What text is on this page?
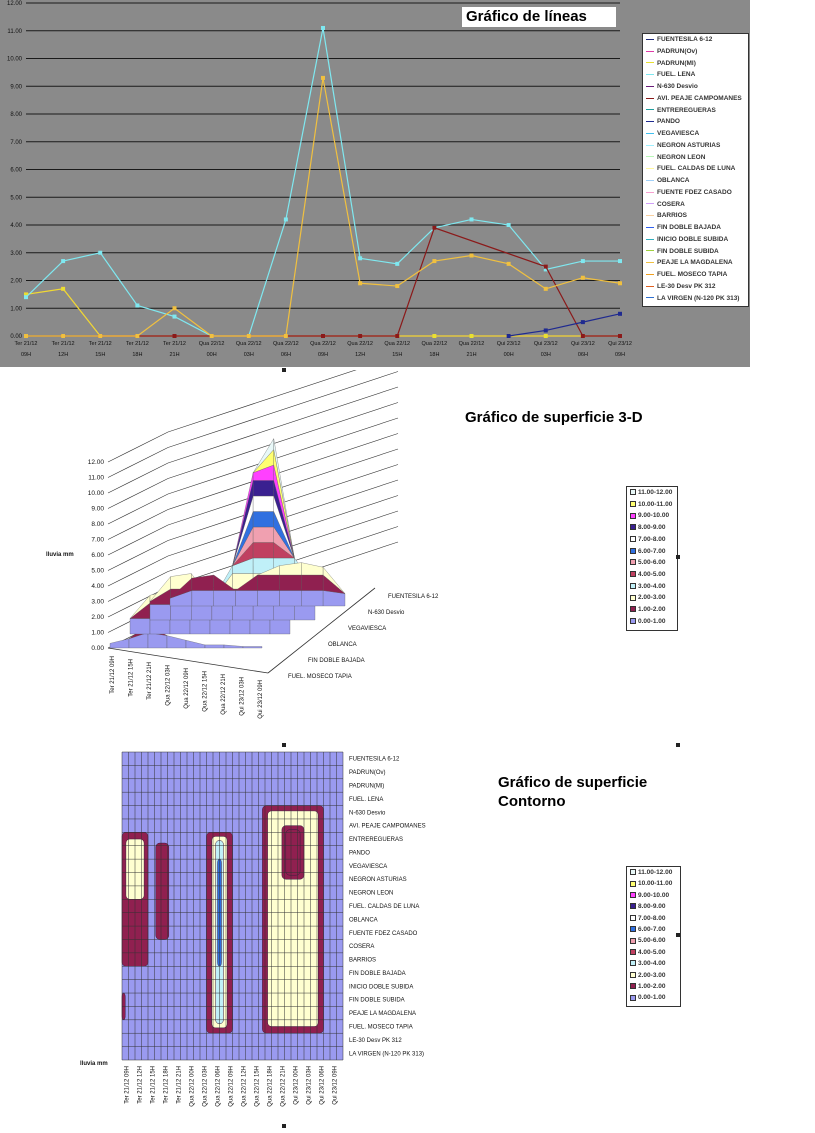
0.00
1.00
2.00
3.00
4.00
5.00
6.00
7.00
8.00
9.00
10.00
11.00
12.00
Ter 21/12
09H
Ter 21/12
12H
Ter 21/12
15H
Ter 21/12
18H
Ter 21/12
21H
Qua 22/12
00H
Qua 22/12
03H
Qua 22/12
06H
Qua 22/12
09H
Qua 22/12
12H
Qua 22/12
15H
Qua 22/12
18H
Qua 22/12
21H
Qui 23/12
00H
Qui 23/12
03H
Qui 23/12
06H
Qui 23/12
09H
Gráfico de líneas
FUENTESILA 6-12
PADRUN(Ov)
PADRUN(Ml)
FUEL. LENA
N-630 Desvio
AVI. PEAJE CAMPOMANES
ENTREREGUERAS
PANDO
VEGAVIESCA
NEGRON ASTURIAS
NEGRON LEON
FUEL. CALDAS DE LUNA
OBLANCA
FUENTE FDEZ CASADO
COSERA
BARRIOS
FIN DOBLE BAJADA
INICIO DOBLE SUBIDA
FIN DOBLE SUBIDA
PEAJE LA MAGDALENA
FUEL. MOSECO TAPIA
LE-30 Desv PK 312
LA VIRGEN (N-120 PK 313)
0.00
1.00
2.00
3.00
4.00
5.00
6.00
7.00
8.00
9.00
10.00
11.00
12.00
lluvia mm
Ter 21/12 09H Ter 21/12 15H Ter 21/12 21H Qua 22/12 03H Qua 22/12 09H Qua 22/12 15H Qua 22/12 21H Qui 23/12 03H Qui 23/12 09H
FUENTESILA 6-12
N-630 Desvio
VEGAVIESCA
OBLANCA
FIN DOBLE BAJADA
FUEL. MOSECO TAPIA
Gráfico de superficie 3-D
11.00-12.00
10.00-11.00
9.00-10.00
8.00-9.00
7.00-8.00
6.00-7.00
5.00-6.00
4.00-5.00
3.00-4.00
2.00-3.00
1.00-2.00
0.00-1.00
FUENTESILA 6-12
PADRUN(Ov)
PADRUN(Ml)
FUEL. LENA
N-630 Desvio
AVI. PEAJE CAMPOMANES
ENTREREGUERAS
PANDO
VEGAVIESCA
NEGRON ASTURIAS
NEGRON LEON
FUEL. CALDAS DE LUNA
OBLANCA
FUENTE FDEZ CASADO
COSERA
BARRIOS
FIN DOBLE BAJADA
INICIO DOBLE SUBIDA
FIN DOBLE SUBIDA
PEAJE LA MAGDALENA
FUEL. MOSECO TAPIA
LE-30 Desv PK 312
LA VIRGEN (N-120 PK 313)
lluvia mm
Ter 21/12 09H Ter 21/12 12H Ter 21/12 15H Ter 21/12 18H Ter 21/12 21H Qua 22/12 00H Qua 22/12 03H Qua 22/12 06H Qua 22/12 09H Qua 22/12 12H Qua 22/12 15H Qua 22/12 18H Qua 22/12 21H Qui 23/12 00H Qui 23/12 03H Qui 23/12 06H Qui 23/12 09H
Gráfico de superficie Contorno
11.00-12.00
10.00-11.00
9.00-10.00
8.00-9.00
7.00-8.00
6.00-7.00
5.00-6.00
4.00-5.00
3.00-4.00
2.00-3.00
1.00-2.00
0.00-1.00
